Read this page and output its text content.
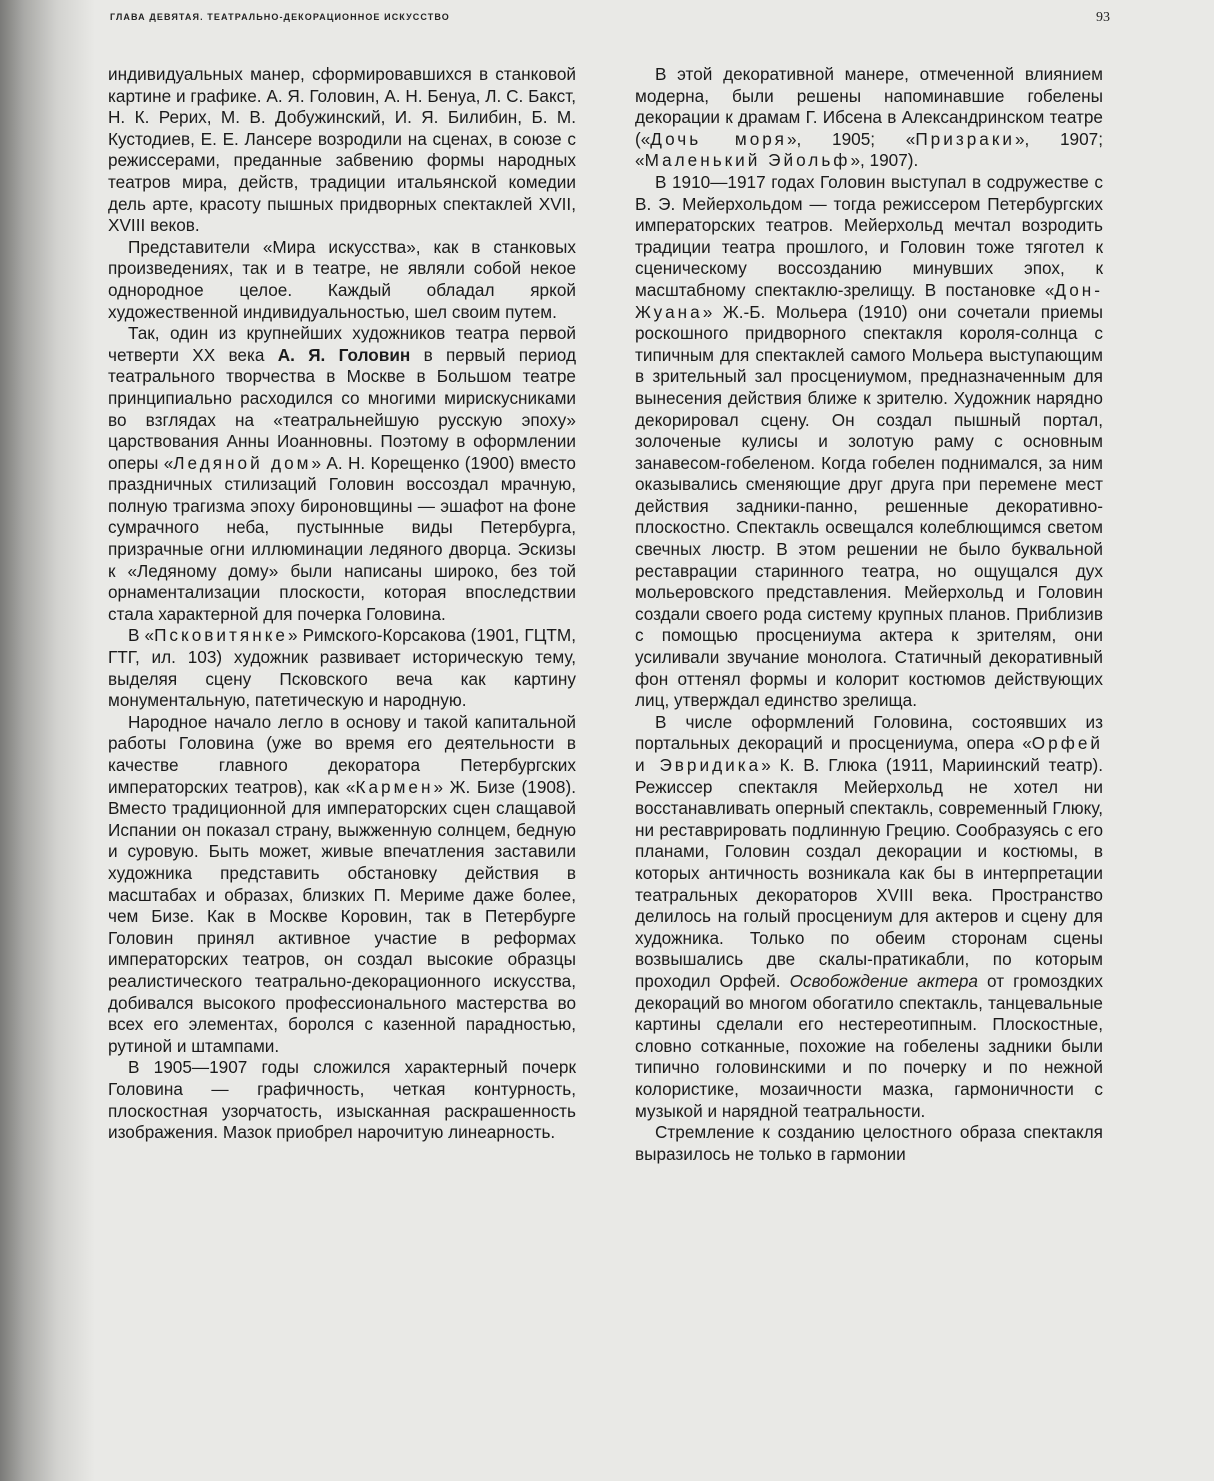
ГЛАВА ДЕВЯТАЯ. ТЕАТРАЛЬНО-ДЕКОРАЦИОННОЕ ИСКУССТВО	93

индивидуальных манер, сформировавшихся в станковой картине и графике. А. Я. Головин, А. Н. Бенуа, Л. С. Бакст, Н. К. Рерих, М. В. Добужинский, И. Я. Билибин, Б. М. Кустодиев, Е. Е. Лансере возродили на сценах, в союзе с режиссерами, преданные забвению формы народных театров мира, действ, традиции итальянской комедии дель арте, красоту пышных придворных спектаклей XVII, XVIII веков.

Представители «Мира искусства», как в станковых произведениях, так и в театре, не являли собой некое однородное целое. Каждый обладал яркой художественной индивидуальностью, шел своим путем.

Так, один из крупнейших художников театра первой четверти XX века А. Я. Головин в первый период театрального творчества в Москве в Большом театре принципиально расходился со многими мирискусниками во взглядах на «театральнейшую русскую эпоху» царствования Анны Иоанновны. Поэтому в оформлении оперы «Ледяной дом» А. Н. Корещенко (1900) вместо праздничных стилизаций Головин воссоздал мрачную, полную трагизма эпоху бироновщины — эшафот на фоне сумрачного неба, пустынные виды Петербурга, призрачные огни иллюминации ледяного дворца. Эскизы к «Ледяному дому» были написаны широко, без той орнаментализации плоскости, которая впоследствии стала характерной для почерка Головина.

В «Псковитянке» Римского-Корсакова (1901, ГЦТМ, ГТГ, ил. 103) художник развивает историческую тему, выделяя сцену Псковского веча как картину монументальную, патетическую и народную.

Народное начало легло в основу и такой капитальной работы Головина (уже во время его деятельности в качестве главного декоратора Петербургских императорских театров), как «Кармен» Ж. Бизе (1908). Вместо традиционной для императорских сцен слащавой Испании он показал страну, выжженную солнцем, бедную и суровую. Быть может, живые впечатления заставили художника представить обстановку действия в масштабах и образах, близких П. Мериме даже более, чем Бизе. Как в Москве Коровин, так в Петербурге Головин принял активное участие в реформах императорских театров, он создал высокие образцы реалистического театрально-декорационного искусства, добивался высокого профессионального мастерства во всех его элементах, боролся с казенной парадностью, рутиной и штампами.

В 1905—1907 годы сложился характерный почерк Головина — графичность, четкая контурность, плоскостная узорчатость, изысканная раскрашенность изображения. Мазок приобрел нарочитую линеарность.

В этой декоративной манере, отмеченной влиянием модерна, были решены напоминавшие гобелены декорации к драмам Г. Ибсена в Александринском театре («Дочь моря», 1905; «Призраки», 1907; «Маленький Эйольф», 1907).

В 1910—1917 годах Головин выступал в содружестве с В. Э. Мейерхольдом — тогда режиссером Петербургских императорских театров. Мейерхольд мечтал возродить традиции театра прошлого, и Головин тоже тяготел к сценическому воссозданию минувших эпох, к масштабному спектаклю-зрелищу. В постановке «Дон-Жуана» Ж.-Б. Мольера (1910) они сочетали приемы роскошного придворного спектакля короля-солнца с типичным для спектаклей самого Мольера выступающим в зрительный зал просцениумом, предназначенным для вынесения действия ближе к зрителю. Художник нарядно декорировал сцену. Он создал пышный портал, золоченые кулисы и золотую раму с основным занавесом-гобеленом. Когда гобелен поднимался, за ним оказывались сменяющие друг друга при перемене мест действия задники-панно, решенные декоративно-плоскостно. Спектакль освещался колеблющимся светом свечных люстр. В этом решении не было буквальной реставрации старинного театра, но ощущался дух мольеровского представления. Мейерхольд и Головин создали своего рода систему крупных планов. Приблизив с помощью просцениума актера к зрителям, они усиливали звучание монолога. Статичный декоративный фон оттенял формы и колорит костюмов действующих лиц, утверждал единство зрелища.

В числе оформлений Головина, состоявших из портальных декораций и просцениума, опера «Орфей и Эвридика» К. В. Глюка (1911, Мариинский театр). Режиссер спектакля Мейерхольд не хотел ни восстанавливать оперный спектакль, современный Глюку, ни реставрировать подлинную Грецию. Сообразуясь с его планами, Головин создал декорации и костюмы, в которых античность возникала как бы в интерпретации театральных декораторов XVIII века. Пространство делилось на голый просцениум для актеров и сцену для художника. Только по обеим сторонам сцены возвышались две скалы-пратикабли, по которым проходил Орфей. Освобождение актера от громоздких декораций во многом обогатило спектакль, танцевальные картины сделали его нестереотипным. Плоскостные, словно сотканные, похожие на гобелены задники были типично головинскими и по почерку и по нежной колористике, мозаичности мазка, гармоничности с музыкой и нарядной театральности.

Стремление к созданию целостного образа спектакля выразилось не только в гармонии
